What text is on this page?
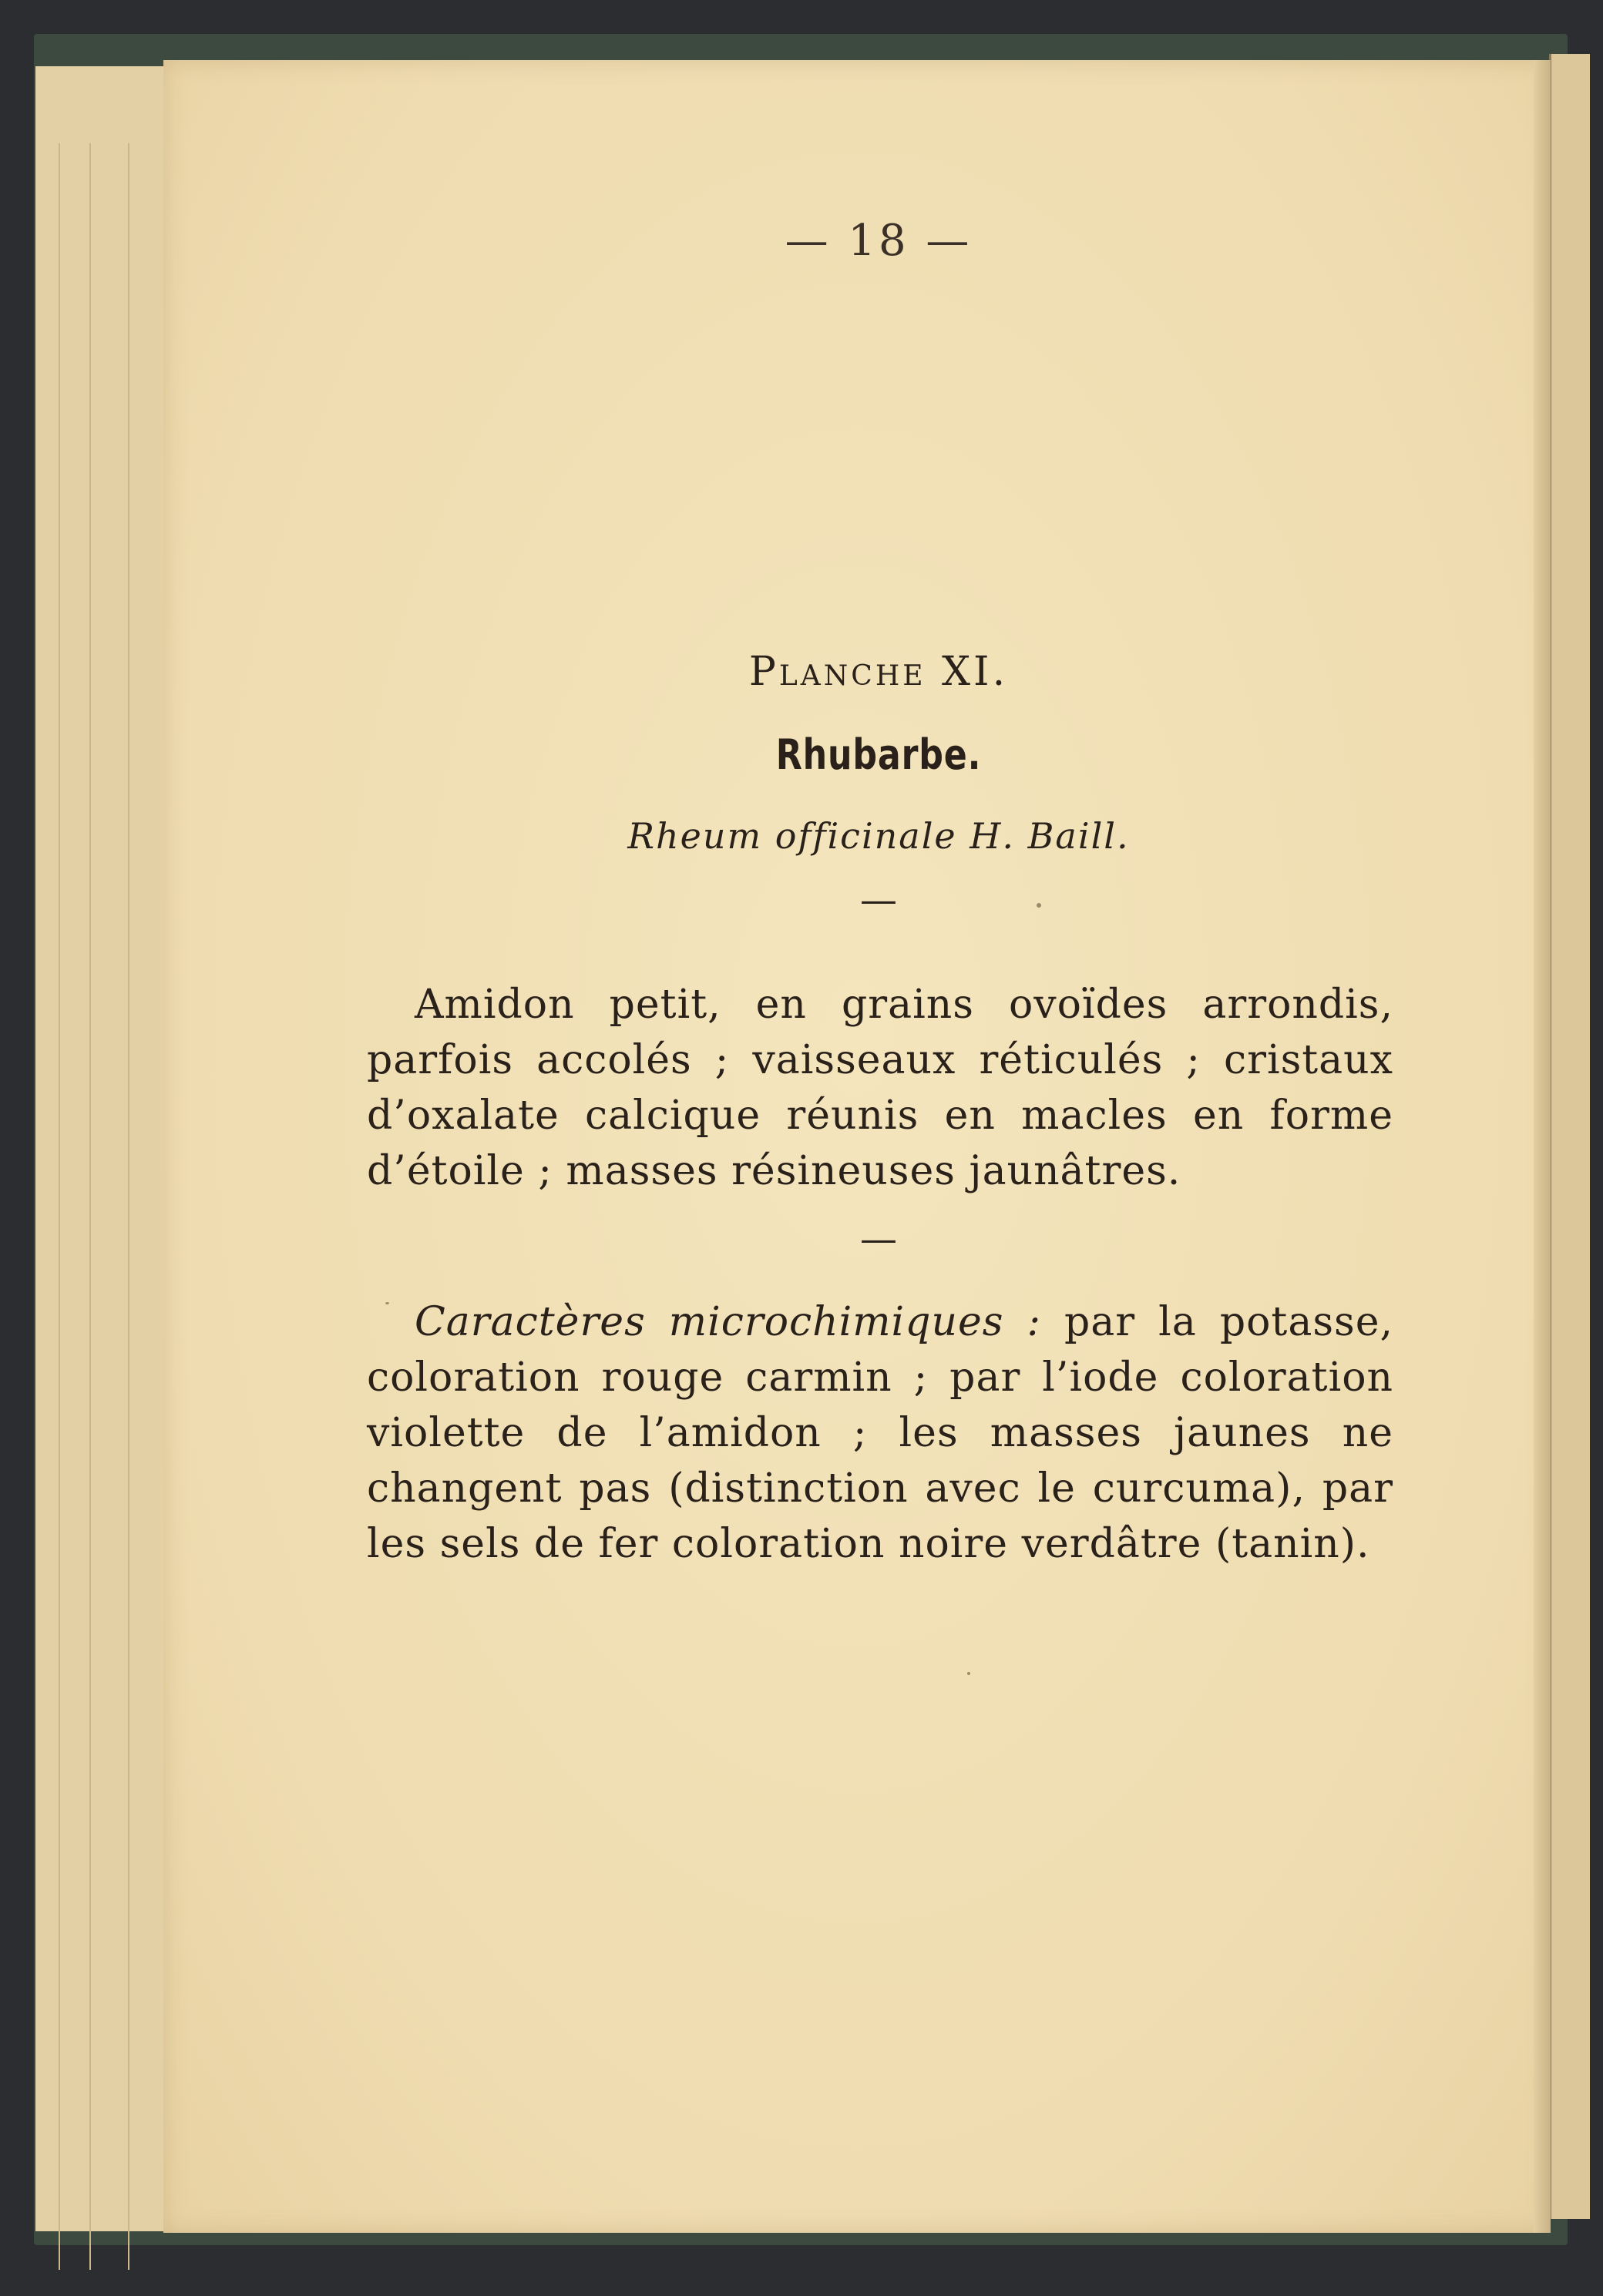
— 18 —
Planche XI.
Rhubarbe.
Rheum officinale H. Baill.
—
Amidon petit, en grains ovoïdes arrondis, parfois accolés ; vaisseaux réticulés ; cristaux d’oxalate calcique réunis en macles en forme d’étoile ; masses résineuses jaunâtres.
—
Caractères microchimiques : par la potasse, coloration rouge carmin ; par l’iode coloration violette de l’amidon ; les masses jaunes ne changent pas (distinction avec le curcuma), par les sels de fer coloration noire verdâtre (tanin).
